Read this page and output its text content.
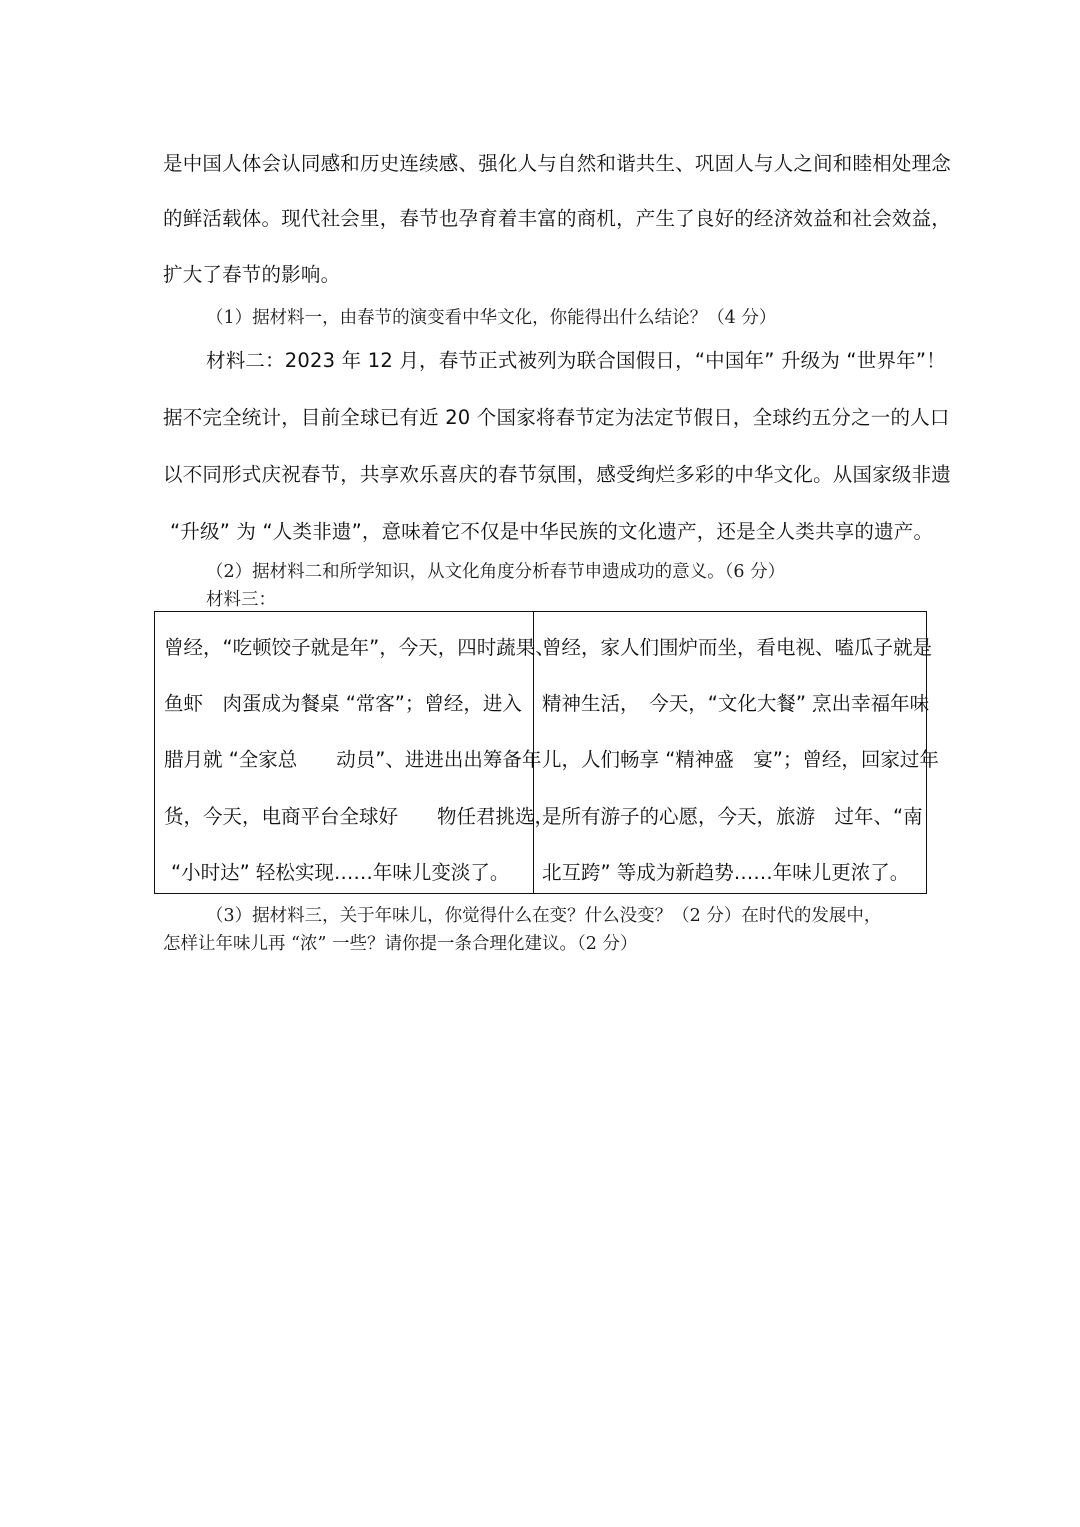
是中国人体会认同感和历史连续感、强化人与自然和谐共生、巩固人与人之间和睦相处理念
的鲜活载体。现代社会里，春节也孕育着丰富的商机，产生了良好的经济效益和社会效益，
扩大了春节的影响。
（1）据材料一，由春节的演变看中华文化，你能得出什么结论？（4 分）
材料二：2023 年 12 月，春节正式被列为联合国假日，“中国年” 升级为 “世界年”！
据不完全统计，目前全球已有近 20 个国家将春节定为法定节假日，全球约五分之一的人口
以不同形式庆祝春节，共享欢乐喜庆的春节氛围，感受绚烂多彩的中华文化。从国家级非遗
“升级” 为 “人类非遗”，意味着它不仅是中华民族的文化遗产，还是全人类共享的遗产。
（2）据材料二和所学知识，从文化角度分析春节申遗成功的意义。（6 分）
材料三：
曾经，“吃顿饺子就是年”，今天，四时蔬果、
鱼虾　肉蛋成为餐桌 “常客”；曾经，进入
腊月就 “全家总　　动员”、进进出出筹备年
货，今天，电商平台全球好　　物任君挑选，
“小时达” 轻松实现……年味儿变淡了。
曾经，家人们围炉而坐，看电视、嗑瓜子就是
精神生活，　今天，“文化大餐” 烹出幸福年味
儿，人们畅享 “精神盛　宴”；曾经，回家过年
是所有游子的心愿，今天，旅游　过年、“南
北互跨” 等成为新趋势……年味儿更浓了。
（3）据材料三，关于年味儿，你觉得什么在变？什么没变？（2 分）在时代的发展中，
怎样让年味儿再 “浓” 一些？请你提一条合理化建议。（2 分）
